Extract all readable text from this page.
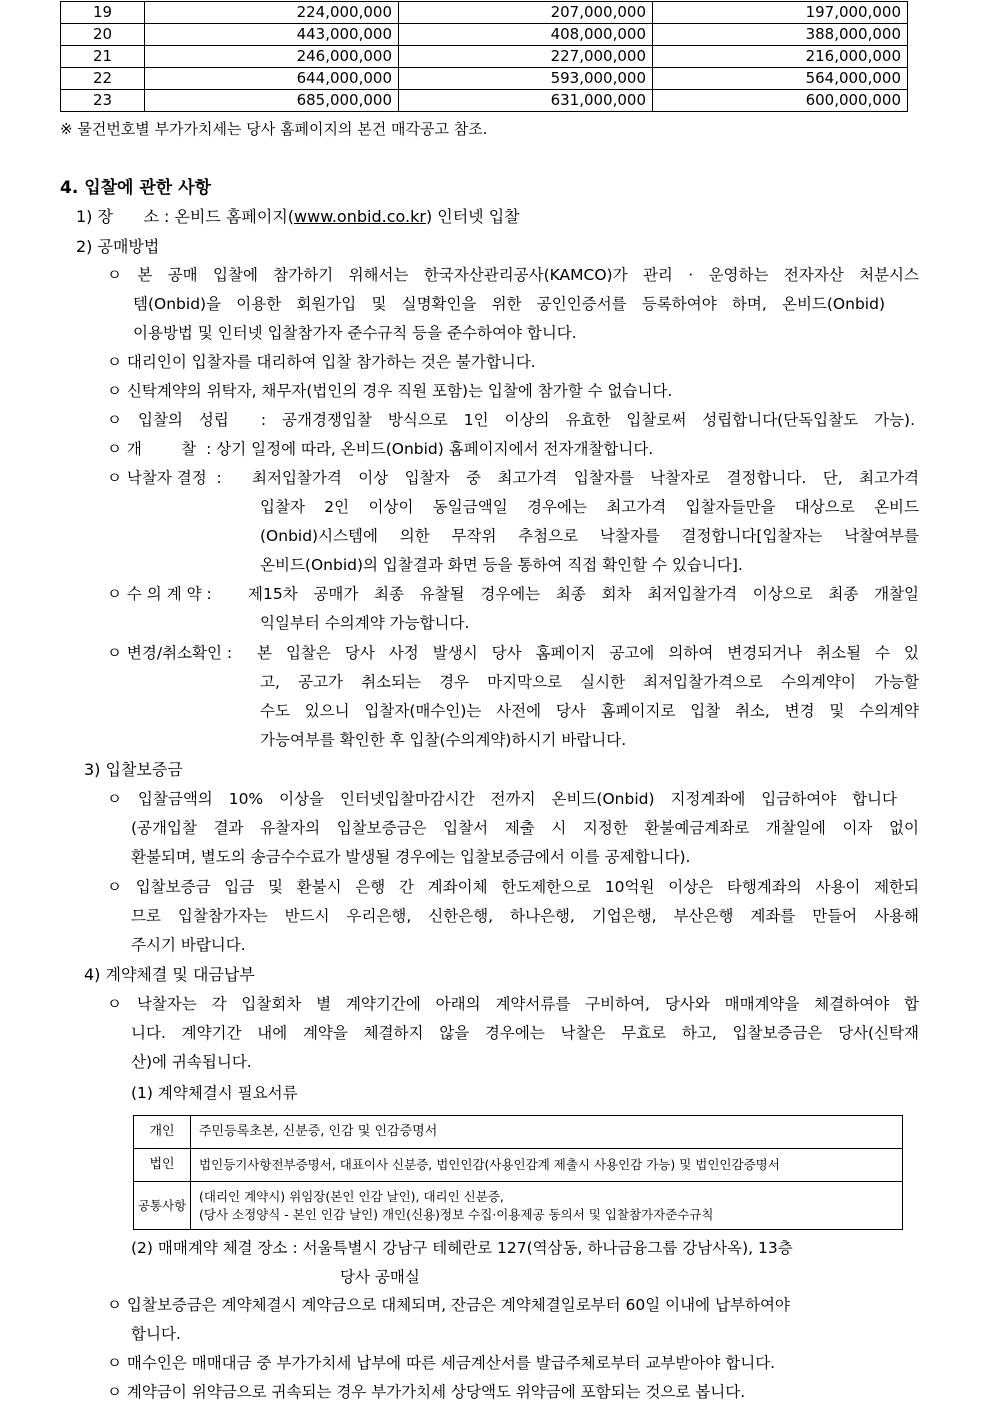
19	224,000,000	207,000,000	197,000,000
20	443,000,000	408,000,000	388,000,000
21	246,000,000	227,000,000	216,000,000
22	644,000,000	593,000,000	564,000,000
23	685,000,000	631,000,000	600,000,000
※ 물건번호별 부가가치세는 당사 홈페이지의 본건 매각공고 참조.
4. 입찰에 관한 사항
1) 장      소 : 온비드 홈페이지(www.onbid.co.kr) 인터넷 입찰
2) 공매방법
ㅇ 본 공매 입찰에 참가하기 위해서는 한국자산관리공사(KAMCO)가 관리 · 운영하는 전자자산 처분시스
템(Onbid)을 이용한 회원가입 및 실명확인을 위한 공인인증서를 등록하여야 하며, 온비드(Onbid)
이용방법 및 인터넷 입찰참가자 준수규칙 등을 준수하여야 합니다.
ㅇ 대리인이 입찰자를 대리하여 입찰 참가하는 것은 불가합니다.
ㅇ 신탁계약의 위탁자, 채무자(법인의 경우 직원 포함)는 입찰에 참가할 수 없습니다.
ㅇ 입찰의 성립  : 공개경쟁입찰 방식으로 1인 이상의 유효한 입찰로써 성립합니다(단독입찰도 가능).
ㅇ 개        찰  : 상기 일정에 따라, 온비드(Onbid) 홈페이지에서 전자개찰합니다.
ㅇ 낙찰자 결정  : 최저입찰가격 이상 입찰자 중 최고가격 입찰자를 낙찰자로 결정합니다. 단, 최고가격
입찰자 2인 이상이 동일금액일 경우에는 최고가격 입찰자들만을 대상으로 온비드
(Onbid)시스템에 의한 무작위 추첨으로 낙찰자를 결정합니다[입찰자는 낙찰여부를
온비드(Onbid)의 입찰결과 화면 등을 통하여 직접 확인할 수 있습니다].
ㅇ 수 의 계 약 : 제15차 공매가 최종 유찰될 경우에는 최종 회차 최저입찰가격 이상으로 최종 개찰일
익일부터 수의계약 가능합니다.
ㅇ 변경/취소확인 : 본 입찰은 당사 사정 발생시 당사 홈페이지 공고에 의하여 변경되거나 취소될 수 있
고, 공고가 취소되는 경우 마지막으로 실시한 최저입찰가격으로 수의계약이 가능할
수도 있으니 입찰자(매수인)는 사전에 당사 홈페이지로 입찰 취소, 변경 및 수의계약
가능여부를 확인한 후 입찰(수의계약)하시기 바랍니다.
3) 입찰보증금
ㅇ 입찰금액의 10% 이상을 인터넷입찰마감시간 전까지 온비드(Onbid) 지정계좌에 입금하여야 합니다
(공개입찰 결과 유찰자의 입찰보증금은 입찰서 제출 시 지정한 환불예금계좌로 개찰일에 이자 없이
환불되며, 별도의 송금수수료가 발생될 경우에는 입찰보증금에서 이를 공제합니다).
ㅇ 입찰보증금 입금 및 환불시 은행 간 계좌이체 한도제한으로 10억원 이상은 타행계좌의 사용이 제한되
므로 입찰참가자는 반드시 우리은행, 신한은행, 하나은행, 기업은행, 부산은행 계좌를 만들어 사용해
주시기 바랍니다.
4) 계약체결 및 대금납부
ㅇ 낙찰자는 각 입찰회차 별 계약기간에 아래의 계약서류를 구비하여, 당사와 매매계약을 체결하여야 합
니다. 계약기간 내에 계약을 체결하지 않을 경우에는 낙찰은 무효로 하고, 입찰보증금은 당사(신탁재
산)에 귀속됩니다.
(1) 계약체결시 필요서류
개인	주민등록초본, 신분증, 인감 및 인감증명서
법인	법인등기사항전부증명서, 대표이사 신분증, 법인인감(사용인감계 제출시 사용인감 가능) 및 법인인감증명서
공통사항	(대리인 계약시) 위임장(본인 인감 날인), 대리인 신분증,
(당사 소정양식 - 본인 인감 날인) 개인(신용)정보 수집·이용제공 동의서 및 입찰참가자준수규칙
(2) 매매계약 체결 장소 : 서울특별시 강남구 테헤란로 127(역삼동, 하나금융그룹 강남사옥), 13층
당사 공매실
ㅇ 입찰보증금은 계약체결시 계약금으로 대체되며, 잔금은 계약체결일로부터 60일 이내에 납부하여야
합니다.
ㅇ 매수인은 매매대금 중 부가가치세 납부에 따른 세금계산서를 발급주체로부터 교부받아야 합니다.
ㅇ 계약금이 위약금으로 귀속되는 경우 부가가치세 상당액도 위약금에 포함되는 것으로 봅니다.
